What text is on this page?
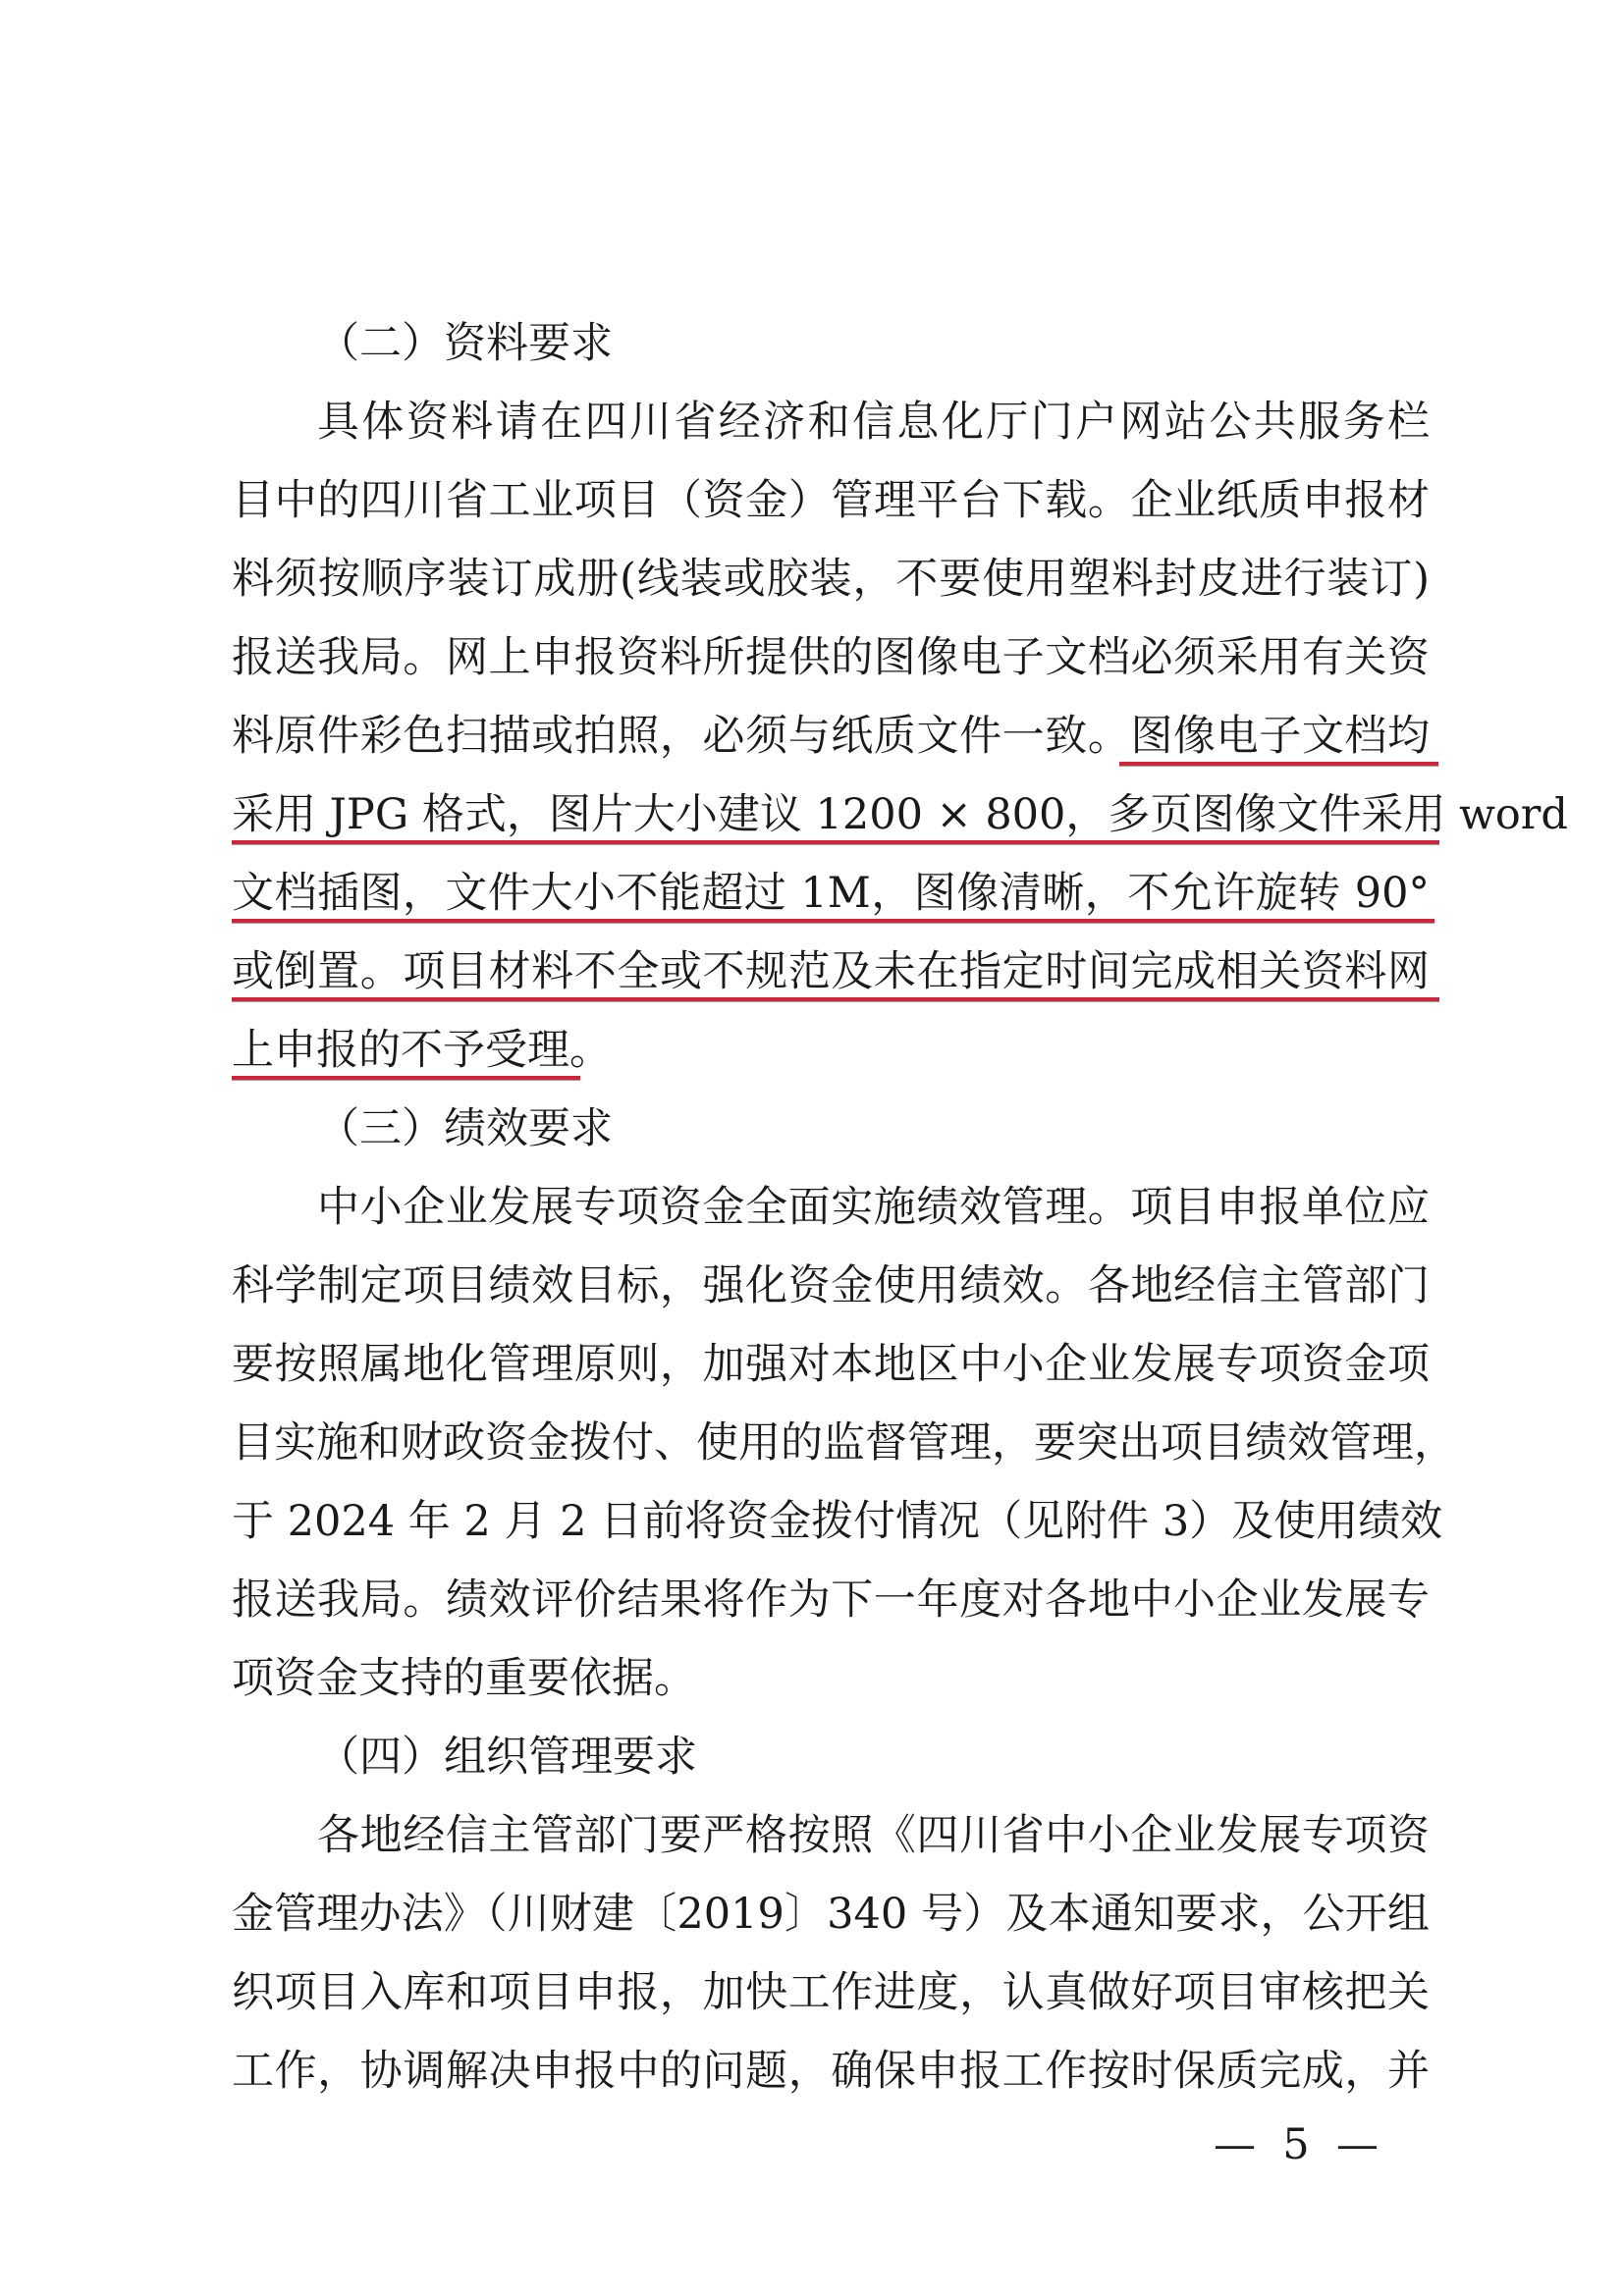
（二）资料要求
具体资料请在四川省经济和信息化厅门户网站公共服务栏
目中的四川省工业项目（资金）管理平台下载。企业纸质申报材
料须按顺序装订成册(线装或胶装，不要使用塑料封皮进行装订)
报送我局。网上申报资料所提供的图像电子文档必须采用有关资
料原件彩色扫描或拍照，必须与纸质文件一致。图像电子文档均
采用 JPG 格式，图片大小建议 1200 × 800，多页图像文件采用 word
文档插图，文件大小不能超过 1M，图像清晰，不允许旋转 90°
或倒置。项目材料不全或不规范及未在指定时间完成相关资料网
上申报的不予受理。
（三）绩效要求
中小企业发展专项资金全面实施绩效管理。项目申报单位应
科学制定项目绩效目标，强化资金使用绩效。各地经信主管部门
要按照属地化管理原则，加强对本地区中小企业发展专项资金项
目实施和财政资金拨付、使用的监督管理，要突出项目绩效管理，
于 2024 年 2 月 2 日前将资金拨付情况（见附件 3）及使用绩效
报送我局。绩效评价结果将作为下一年度对各地中小企业发展专
项资金支持的重要依据。
（四）组织管理要求
各地经信主管部门要严格按照《四川省中小企业发展专项资
金管理办法》（川财建〔2019〕340 号）及本通知要求，公开组
织项目入库和项目申报，加快工作进度，认真做好项目审核把关
工作，协调解决申报中的问题，确保申报工作按时保质完成，并
—  5  —
